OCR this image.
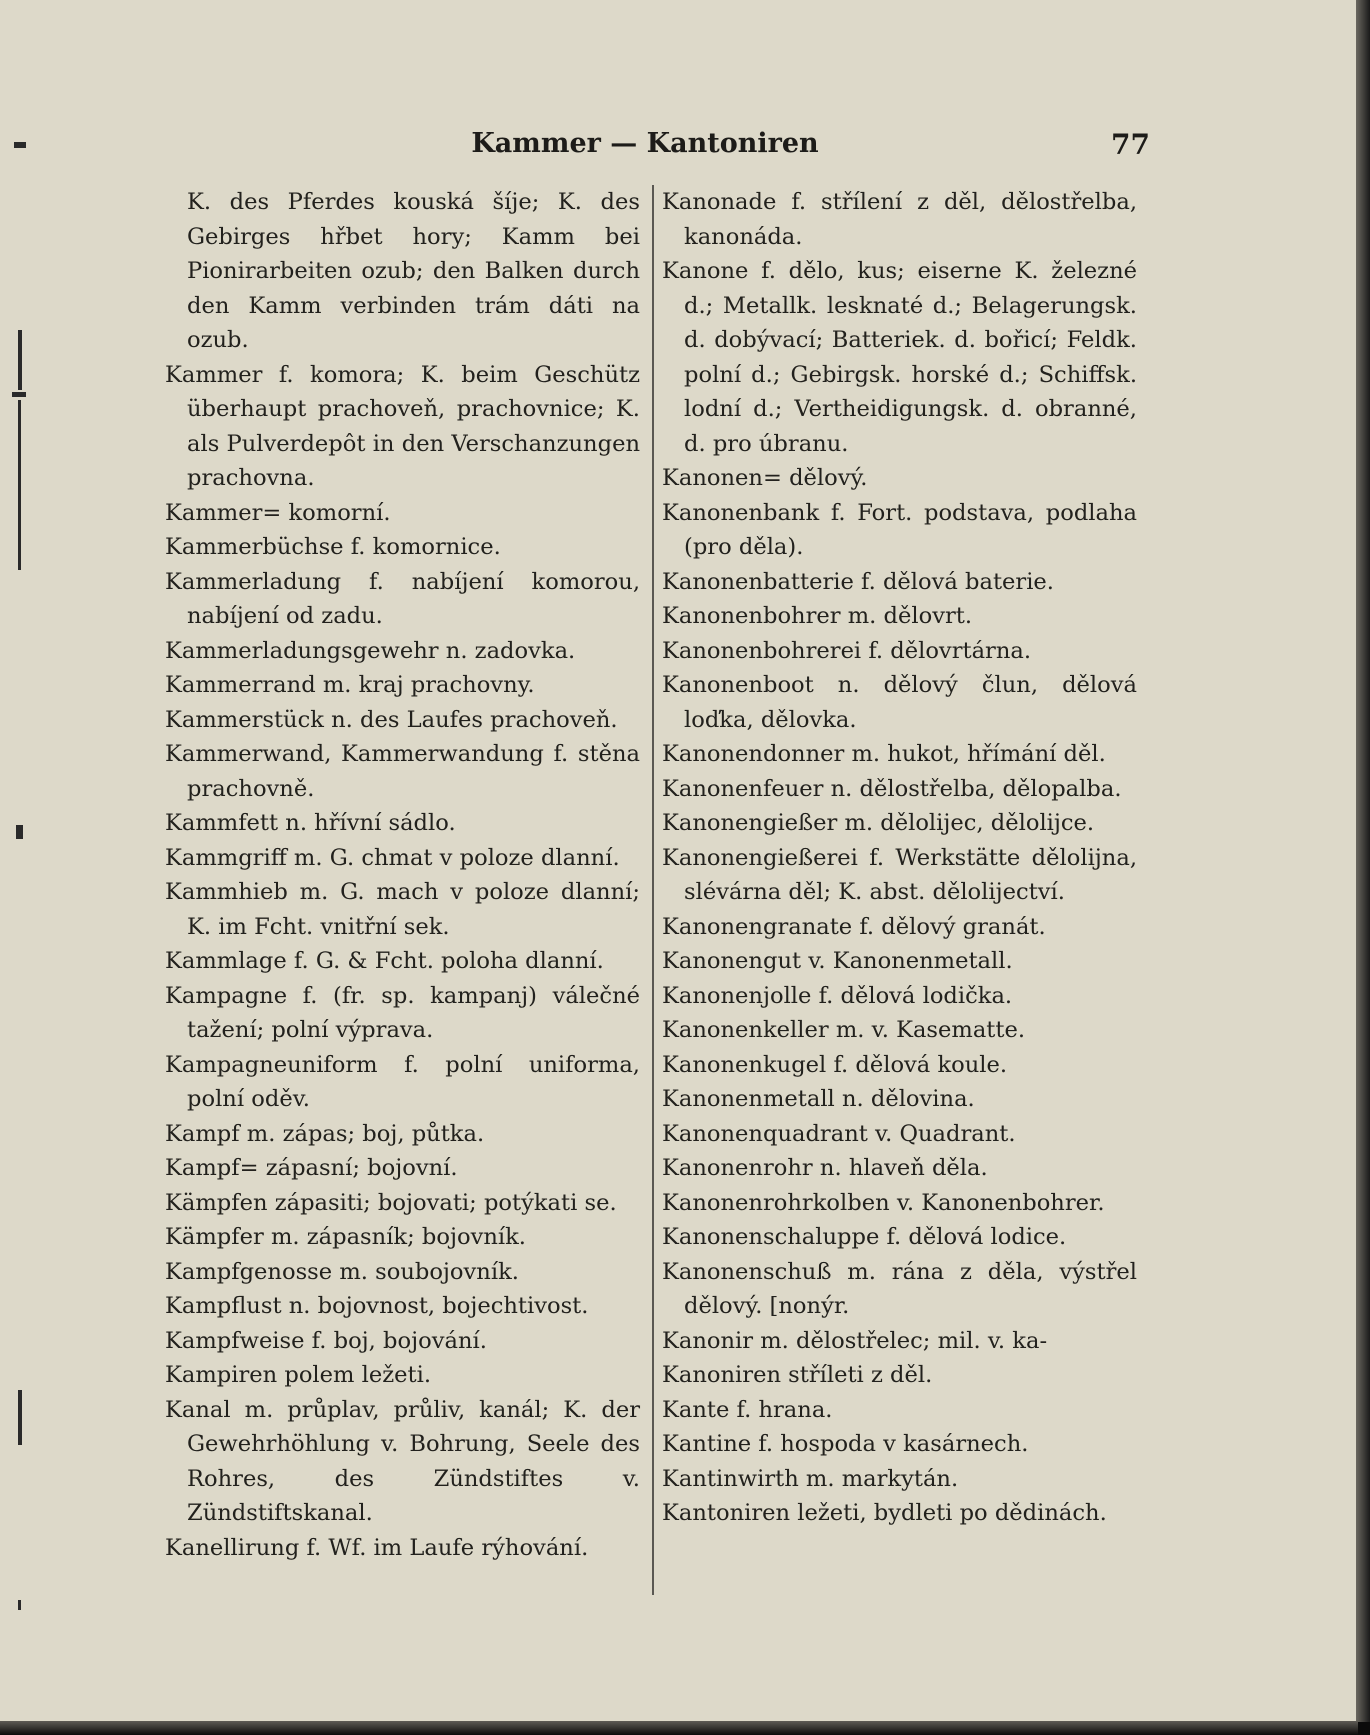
Kammer — Kantoniren	77

K. des Pferdes kouská šíje; K. des Gebirges hřbet hory; Kamm bei Pionirarbeiten ozub; den Balken durch den Kamm verbinden trám dáti na ozub.

Kammer f. komora; K. beim Geschütz überhaupt prachoveň, prachovnice; K. als Pulverdepôt in den Verschanzungen prachovna.

Kammer= komorní.

Kammerbüchse f. komornice.

Kammerladung f. nabíjení komorou, nabíjení od zadu.

Kammerladungsgewehr n. zadovka.

Kammerrand m. kraj prachovny.

Kammerstück n. des Laufes prachoveň.

Kammerwand, Kammerwandung f. stěna prachovně.

Kammfett n. hřívní sádlo.

Kammgriff m. G. chmat v poloze dlanní.

Kammhieb m. G. mach v poloze dlanní; K. im Fcht. vnitřní sek.

Kammlage f. G. & Fcht. poloha dlanní.

Kampagne f. (fr. sp. kampanj) válečné tažení; polní výprava.

Kampagneuniform f. polní uniforma, polní oděv.

Kampf m. zápas; boj, půtka.

Kampf= zápasní; bojovní.

Kämpfen zápasiti; bojovati; potýkati se.

Kämpfer m. zápasník; bojovník.

Kampfgenosse m. soubojovník.

Kampflust n. bojovnost, bojechtivost.

Kampfweise f. boj, bojování.

Kampiren polem ležeti.

Kanal m. průplav, průliv, kanál; K. der Gewehrhöhlung v. Bohrung, Seele des Rohres, des Zündstiftes v. Zündstiftskanal.

Kanellirung f. Wf. im Laufe rýhování.

Kanonade f. střílení z děl, dělostřelba, kanonáda.

Kanone f. dělo, kus; eiserne K. železné d.; Metallk. lesknaté d.; Belagerungsk. d. dobývací; Batteriek. d. bořicí; Feldk. polní d.; Gebirgsk. horské d.; Schiffsk. lodní d.; Vertheidigungsk. d. obranné, d. pro úbranu.

Kanonen= dělový.

Kanonenbank f. Fort. podstava, podlaha (pro děla).

Kanonenbatterie f. dělová baterie.

Kanonenbohrer m. dělovrt.

Kanonenbohrerei f. dělovrtárna.

Kanonenboot n. dělový člun, dělová loďka, dělovka.

Kanonendonner m. hukot, hřímání děl.

Kanonenfeuer n. dělostřelba, dělopalba.

Kanonengießer m. dělolijec, dělolijce.

Kanonengießerei f. Werkstätte dělolijna, slévárna děl; K. abst. dělolijectví.

Kanonengranate f. dělový granát.

Kanonengut v. Kanonenmetall.

Kanonenjolle f. dělová lodička.

Kanonenkeller m. v. Kasematte.

Kanonenkugel f. dělová koule.

Kanonenmetall n. dělovina.

Kanonenquadrant v. Quadrant.

Kanonenrohr n. hlaveň děla.

Kanonenrohrkolben v. Kanonenbohrer.

Kanonenschaluppe f. dělová lodice.

Kanonenschuß m. rána z děla, výstřel dělový. [nonýr.

Kanonir m. dělostřelec; mil. v. ka-

Kanoniren stříleti z děl.

Kante f. hrana.

Kantine f. hospoda v kasárnech.

Kantinwirth m. markytán.

Kantoniren ležeti, bydleti po dědinách.
